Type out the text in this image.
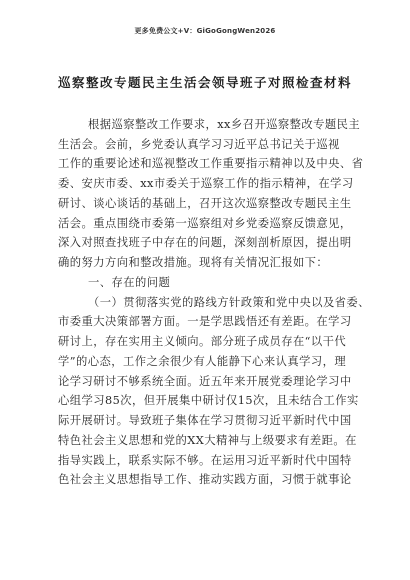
更多免费公文+V：GiGoGongWen2026
巡察整改专题民主生活会领导班子对照检查材料
根据巡察整改工作要求，xx乡召开巡察整改专题民主
生活会。会前，乡党委认真学习习近平总书记关于巡视
工作的重要论述和巡视整改工作重要指示精神以及中央、省
委、安庆市委、xx市委关于巡察工作的指示精神，在学习
研讨、谈心谈话的基础上，召开这次巡察整改专题民主生
活会。重点围绕市委第一巡察组对乡党委巡察反馈意见，
深入对照查找班子中存在的问题，深刻剖析原因，提出明
确的努力方向和整改措施。现将有关情况汇报如下：
一、存在的问题
（一）贯彻落实党的路线方针政策和党中央以及省委、
市委重大决策部署方面。一是学思践悟还有差距。在学习
研讨上，存在实用主义倾向。部分班子成员存在“以干代
学”的心态，工作之余很少有人能静下心来认真学习，理
论学习研讨不够系统全面。近五年来开展党委理论学习中
心组学习85次，但开展集中研讨仅15次，且未结合工作实
际开展研讨。导致班子集体在学习贯彻习近平新时代中国
特色社会主义思想和党的XX大精神与上级要求有差距。在
指导实践上，联系实际不够。在运用习近平新时代中国特
色社会主义思想指导工作、推动实践方面，习惯于就事论
